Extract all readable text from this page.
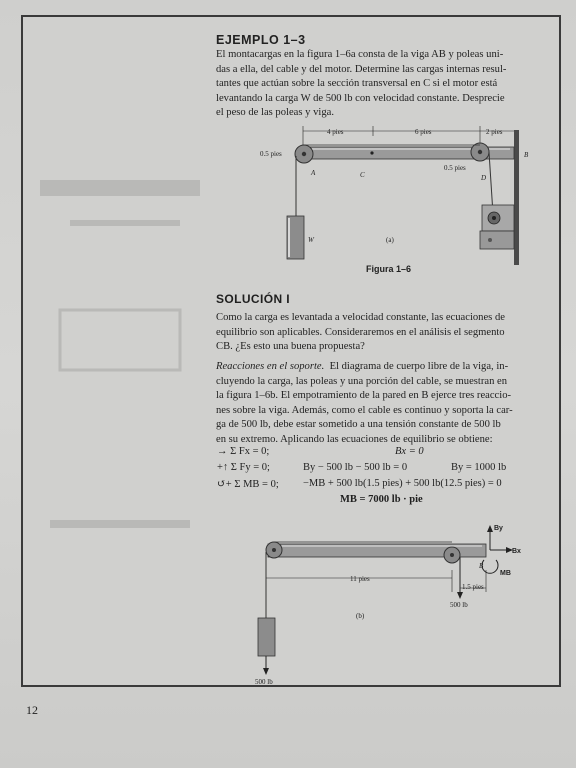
EJEMPLO 1–3
El montacargas en la figura 1–6a consta de la viga AB y poleas uni-
das a ella, del cable y del motor. Determine las cargas internas resul-
tantes que actúan sobre la sección transversal en C si el motor está
levantando la carga W de 500 lb con velocidad constante. Desprecie
el peso de las poleas y viga.
4 pies	6 pies	2 pies
0.5 pies
0.5 pies
A
B
C	D
W	(a)
Figura 1–6
SOLUCIÓN I
Como la carga es levantada a velocidad constante, las ecuaciones de
equilibrio son aplicables. Consideraremos en el análisis el segmento
CB. ¿Es esto una buena propuesta?
Reacciones en el soporte. El diagrama de cuerpo libre de la viga, in-
cluyendo la carga, las poleas y una porción del cable, se muestran en
la figura 1–6b. El empotramiento de la pared en B ejerce tres reaccio-
nes sobre la viga. Además, como el cable es continuo y soporta la car-
ga de 500 lb, debe estar sometido a una tensión constante de 500 lb
en su extremo. Aplicando las ecuaciones de equilibrio se obtiene:
→ Σ Fx = 0;	Bx = 0
+↑ Σ Fy = 0;	By − 500 lb − 500 lb = 0	By = 1000 lb
↺+ Σ MB = 0; −MB + 500 lb(1.5 pies) + 500 lb(12.5 pies) = 0
MB = 7000 lb · pie
500 lb
500 lb
By
Bx
MB
B
11 pies
1.5 pies
(b)
12
